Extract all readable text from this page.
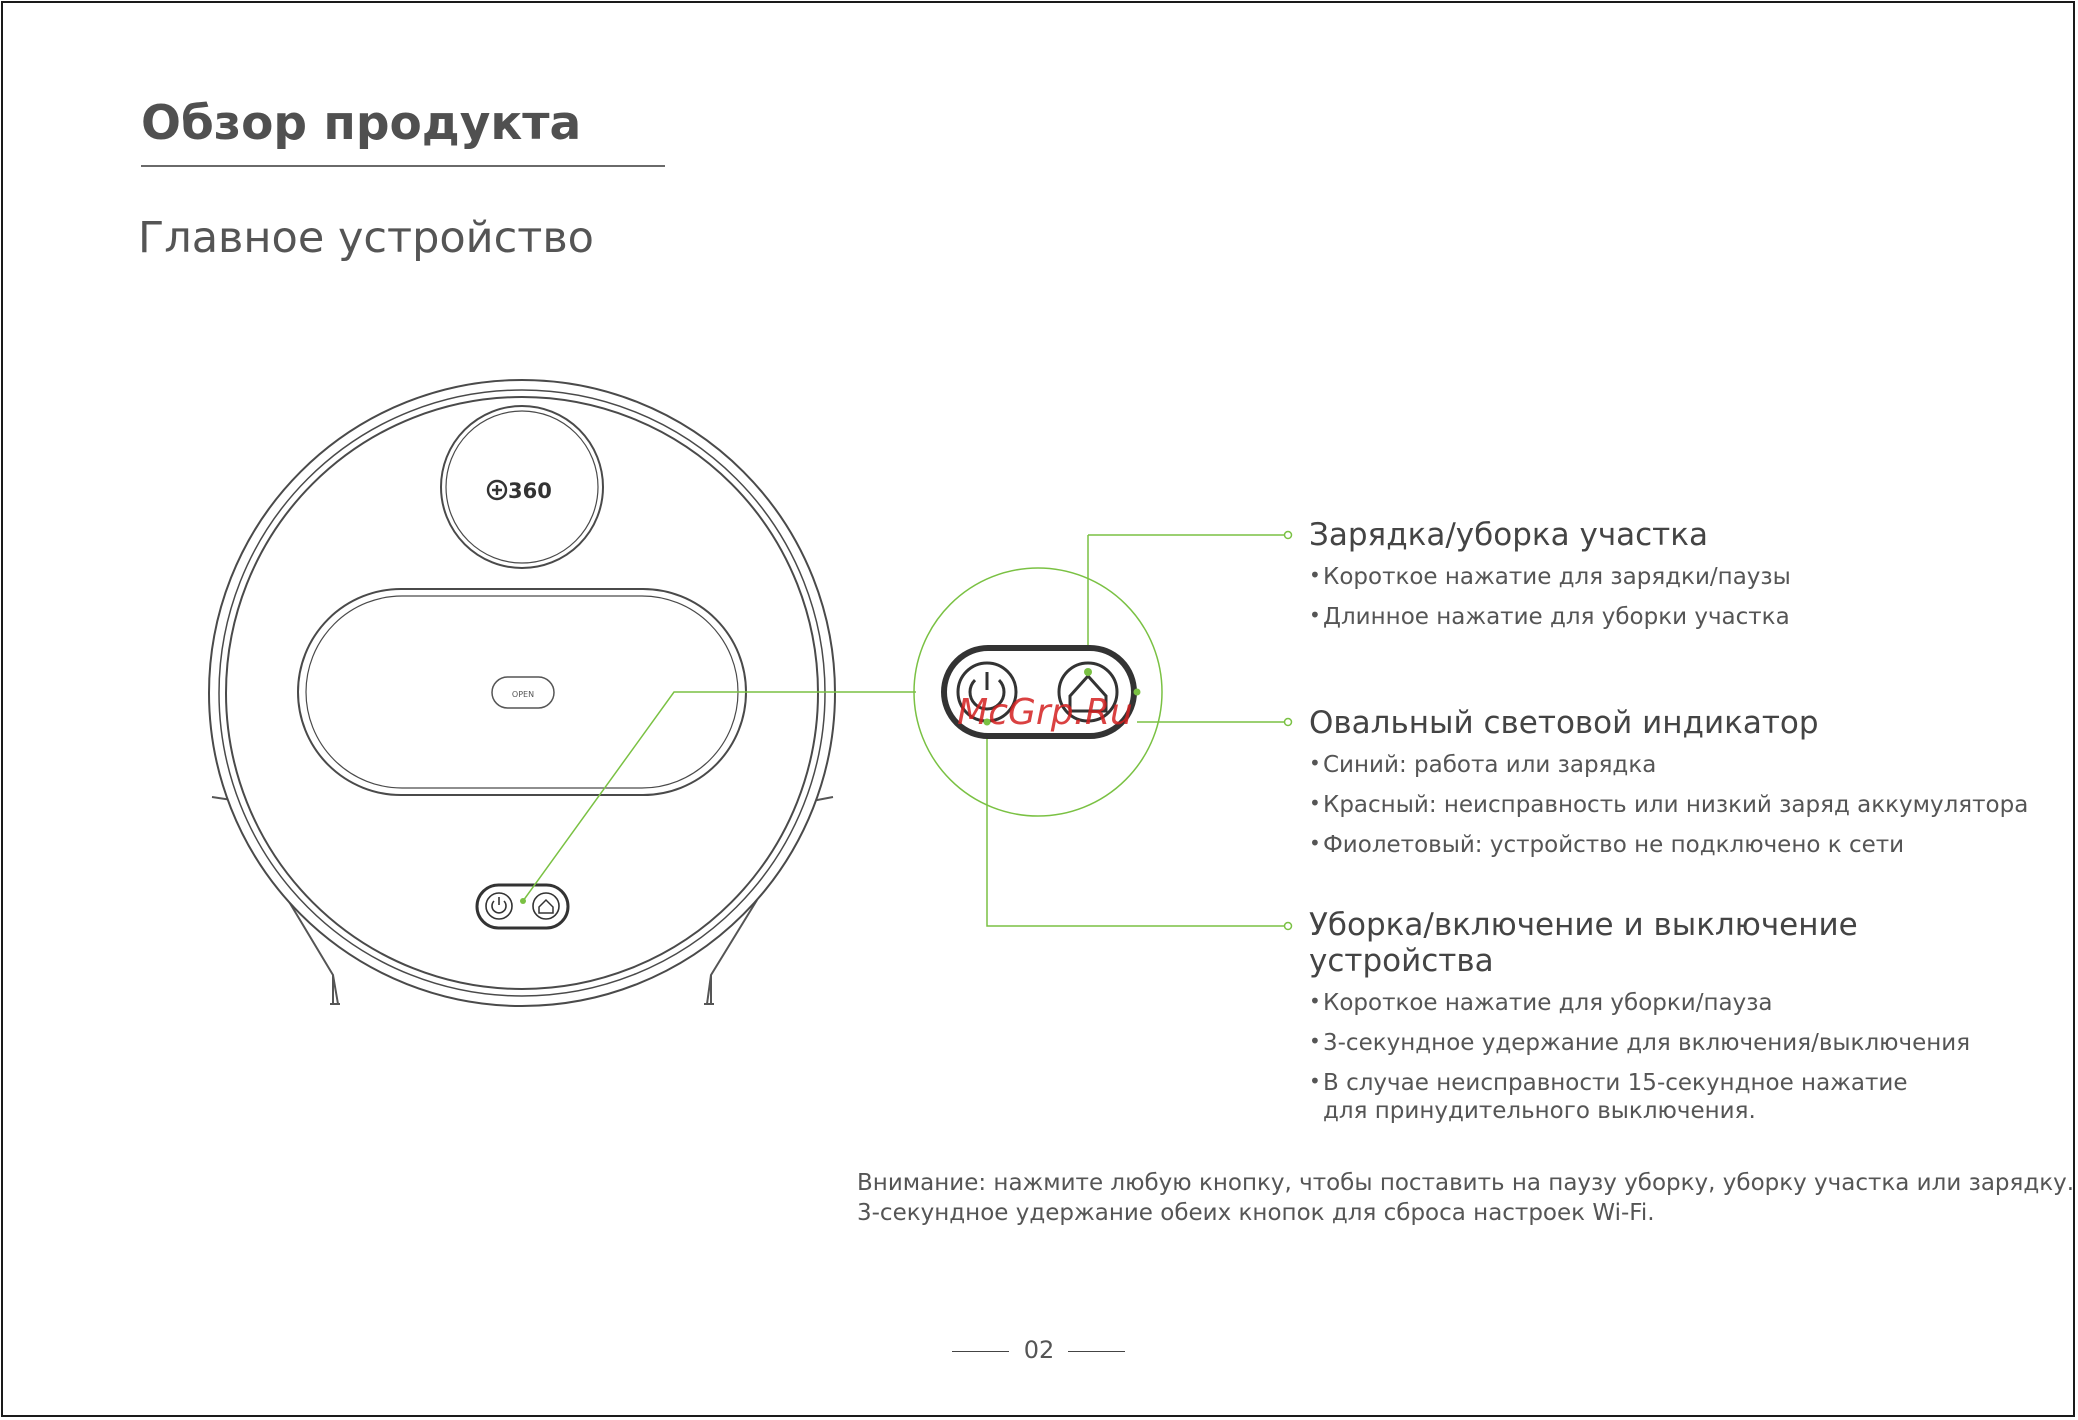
Обзор продукта
Главное устройство
360
OPEN	McGrp.Ru
Зарядка/уборка участка
• Короткое нажатие для зарядки/паузы
• Длинное нажатие для уборки участка
Овальный световой индикатор
• Синий: работа или зарядка
• Красный: неисправность или низкий заряд аккумулятора
• Фиолетовый: устройство не подключено к сети
Уборка/включение и выключение устройства
• Короткое нажатие для уборки/пауза
• 3-секундное удержание для включения/выключения
• В случае неисправности 15-секундное нажатие для принудительного выключения.
Внимание: нажмите любую кнопку, чтобы поставить на паузу уборку, уборку участка или зарядку.
3-секундное удержание обеих кнопок для сброса настроек Wi-Fi.
02
